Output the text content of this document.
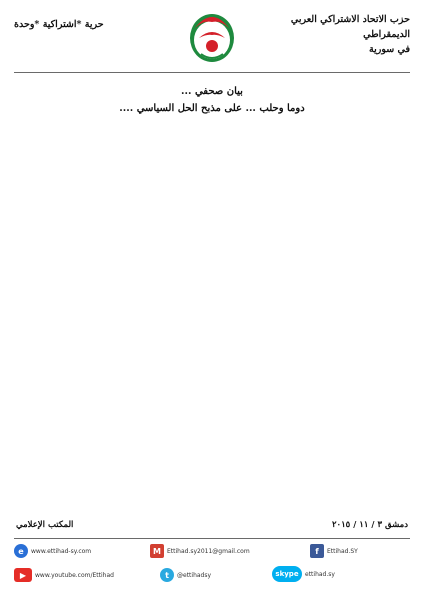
حزب الاتحاد الاشتراكي العربي الديمقراطي
في سورية
حرية *اشتراكية *وحدة
بيان صحفي ...
دوما وحلب ... على مذبح الحل السياسي ....

دمشق ٣ / ١١ / ٢٠١٥
المكتب الإعلامي
e	www.ettihad-sy.com	M	Ettihad.sy2011@gmail.com	f	Ettihad.SY
▶	www.youtube.com/Ettihad	t	@ettihadsy	skype	ettihad.sy
